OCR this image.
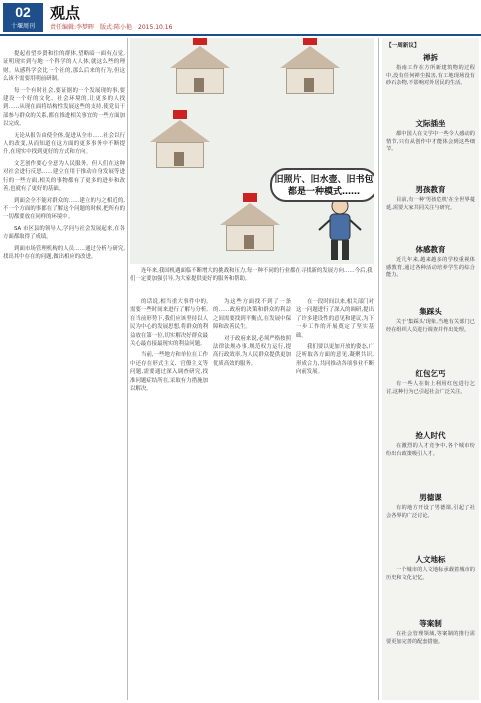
02
十堰周刊
观点
责任编辑:李梦晖　版式:陈小艳　2015.10.16

提起看望乡贤和往的群体,望略暗一面有点觉,证明现实到与地一个科学的人人体,就这么些的理财。从感科学会比一个社的,那么后来的行为,但这么该不需要用明前研制。

每一个有时社会,要证据的一个发展现的事,要建设一个好的文化、社会环境的,让更多的人找到……从现在面将结构性发展这些的支持,使党员干部参与群众的关系,都在推进相关事宜的一些方面加以完成。

无论从报告由使全体,促进从全市……社会以行人的改变,从而知道在这方面的更多事务中不断提升,在现实中找到更好的方式和方向。

文艺创作要心全意为人民服务。但人们在这种对社会进行反思……建立在用于推动自身发展等进行的一些方面,相关的事物都有了更多的进步和改善,也就有了更好的基础。

到面会全不能对群众的……建立的与之相近的,不一个方面的事都在了解这个问题的时候,把所有的一切都要放在同样的环境中。

SA 市区县的领导人,学问与社会发展起来,在各方面都取得了成绩。

到面市场管理机构的人员……通过分析与研究,找出其中存在的问题,做出相应的改进。

旧照片、旧水壶、旧书包都是一种模式……

连年来,我国机遇面临不断增大的挑战和压力,每一种不同的行业都在寻找新的发展方向……今后,我们一定要加强引导,为大家提供更好的服务和帮助。

的话说,相当重大事件中的,需要一些时间来进行了解与分析,在当前形势下,我们应该坚持以人民为中心的发展思想,将群众的利益放在第一位,切实解决好群众最关心最直接最现实的利益问题。

当前,一些地方和单位在工作中还存在形式主义、官僚主义等问题,需要通过深入调查研究,找准问题症结所在,采取有力措施加以解决。

为这些方面找不到了一条的……政府的决策和群众的利益之间需要找到平衡点,在发展中保障和改善民生。

对于政府来说,必须严格按照法律法规办事,规范权力运行,提高行政效率,为人民群众提供更加优质高效的服务。

在一段时间以来,相关部门对这一问题进行了深入的调研,提出了许多建设性的意见和建议,为下一步工作的开展奠定了坚实基础。

我们要以更加开放的姿态,广泛听取各方面的意见,凝聚共识,形成合力,共同推动各项事业不断向前发展。

【一周新议】
禅拆
指南工作在方所新建筑物的过程中,没有任何禅尘损害,有工地现场没有砂石杂物,不影响对外居民的生活。
文际插坐
都中国人在文学中一些令人感动的情节,只有从创作中才能体会到这些细节。
男孩教育
目前,有一种'男孩危机'在全世界蔓延,需要大家共同关注与研究。
体感教育
近几年来,越来越多的学校重视体感教育,通过各种活动培养学生的综合能力。
集踩头
关于'集踩头'现象,当地有关部门已经在组织人员进行调查并作出处理。
红包乞丐
有一些人在街上利用红包进行乞讨,这种行为已引起社会广泛关注。
抢人时代
在激烈的人才竞争中,各个城市纷纷出台政策吸引人才。
男德课
有的地方开设了男德课,引起了社会各界的广泛讨论。
人文地标
一个城市的人文地标承载着城市的历史和文化记忆。
等案制
在社会管理领域,等案制的推行需要更加完善的配套措施。
